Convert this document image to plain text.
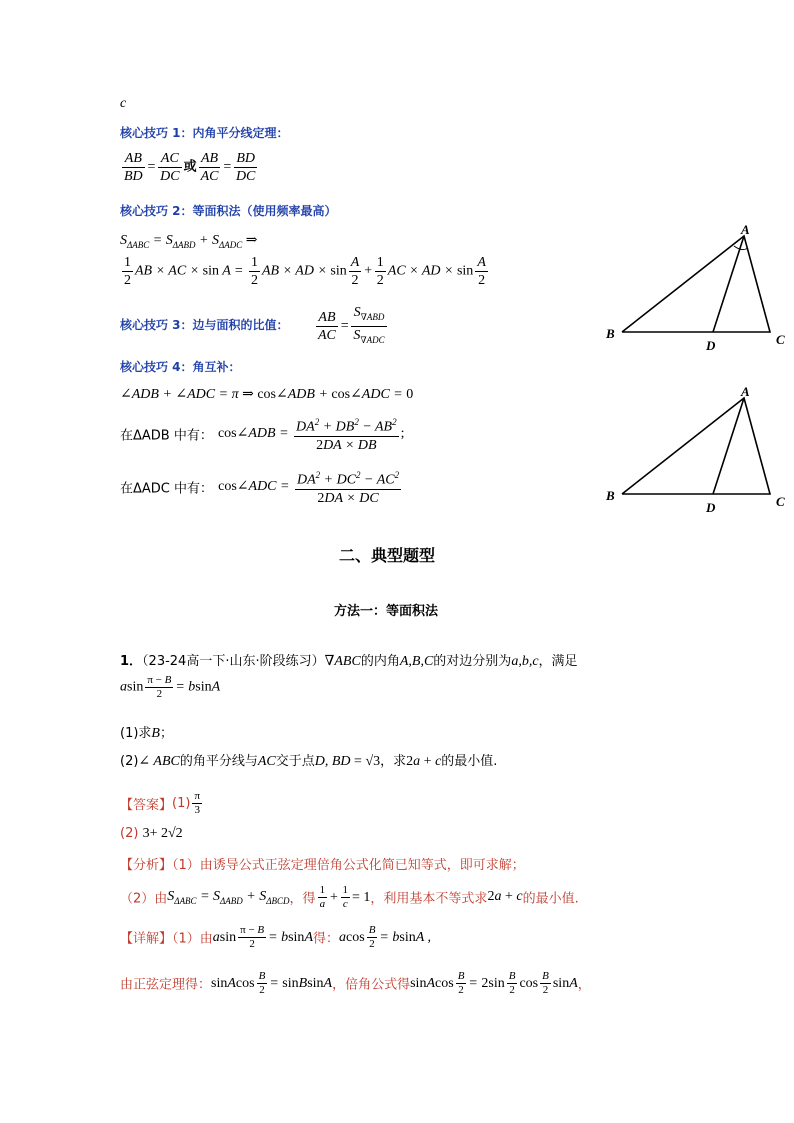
c
核心技巧 1：内角平分线定理：
$\frac{AB}{BD} = \frac{AC}{DC}$ 或 $\frac{AB}{AC} = \frac{BD}{DC}$
核心技巧 2：等面积法（使用频率最高）
$S_{\Delta ABC} = S_{\Delta ABD} + S_{\Delta ADC}$ ⇒
$\frac{1}{2}$ AB × AC × $\sin A = \frac{1}{2}$ AB × AD × $\sin \frac{A}{2} + \frac{1}{2}$ AC × AD × $\sin \frac{A}{2}$
核心技巧 3：边与面积的比值： $\frac{AB}{AC} = \frac{S_{\nabla ABD}}{S_{\nabla ADC}}$
核心技巧 4：角互补：
∠ADB + ∠ADC = π ⇒ cos∠ADB + cos∠ADC = 0
在ΔADB 中有： cos∠ADB = $\frac{DA^2 + DB^2 - AB^2}{2DA \times DB}$ ;
在ΔADC 中有： cos∠ADC = $\frac{DA^2 + DC^2 - AC^2}{2DA \times DC}$
A
B
D	C
A
B
D	C
二、典型题型
方法一：等面积法
1．（23-24高一下·山东·阶段练习）∇ABC的内角A,B,C的对边分别为a,b,c，满足
asin $\frac{\pi - B}{2} = bsinA$
(1)求B；
(2)∠ ABC的角平分线与AC交于点D, BD = √3，求2a + c的最小值.
【答案】$(1) \frac{\pi}{3}$
(2) 3+ 2√2
【分析】（1）由诱导公式正弦定理倍角公式化简已知等式，即可求解；
（2）由$S_{\Delta ABC} = S_{\Delta ABD} + S_{\Delta BCD}$，得 $\frac{1}{a} + \frac{1}{c} = 1$，利用基本不等式求2a + c的最小值.
【详解】（1）由asin $\frac{\pi - B}{2} = bsinA$得：acos $\frac{B}{2} = bsinA$ ,
由正弦定理得：sinAcos $\frac{B}{2}$ = sinBsinA，倍角公式得sinAcos $\frac{B}{2} = 2\sin \frac{B}{2}$ $\cos \frac{B}{2}$ sinA，
